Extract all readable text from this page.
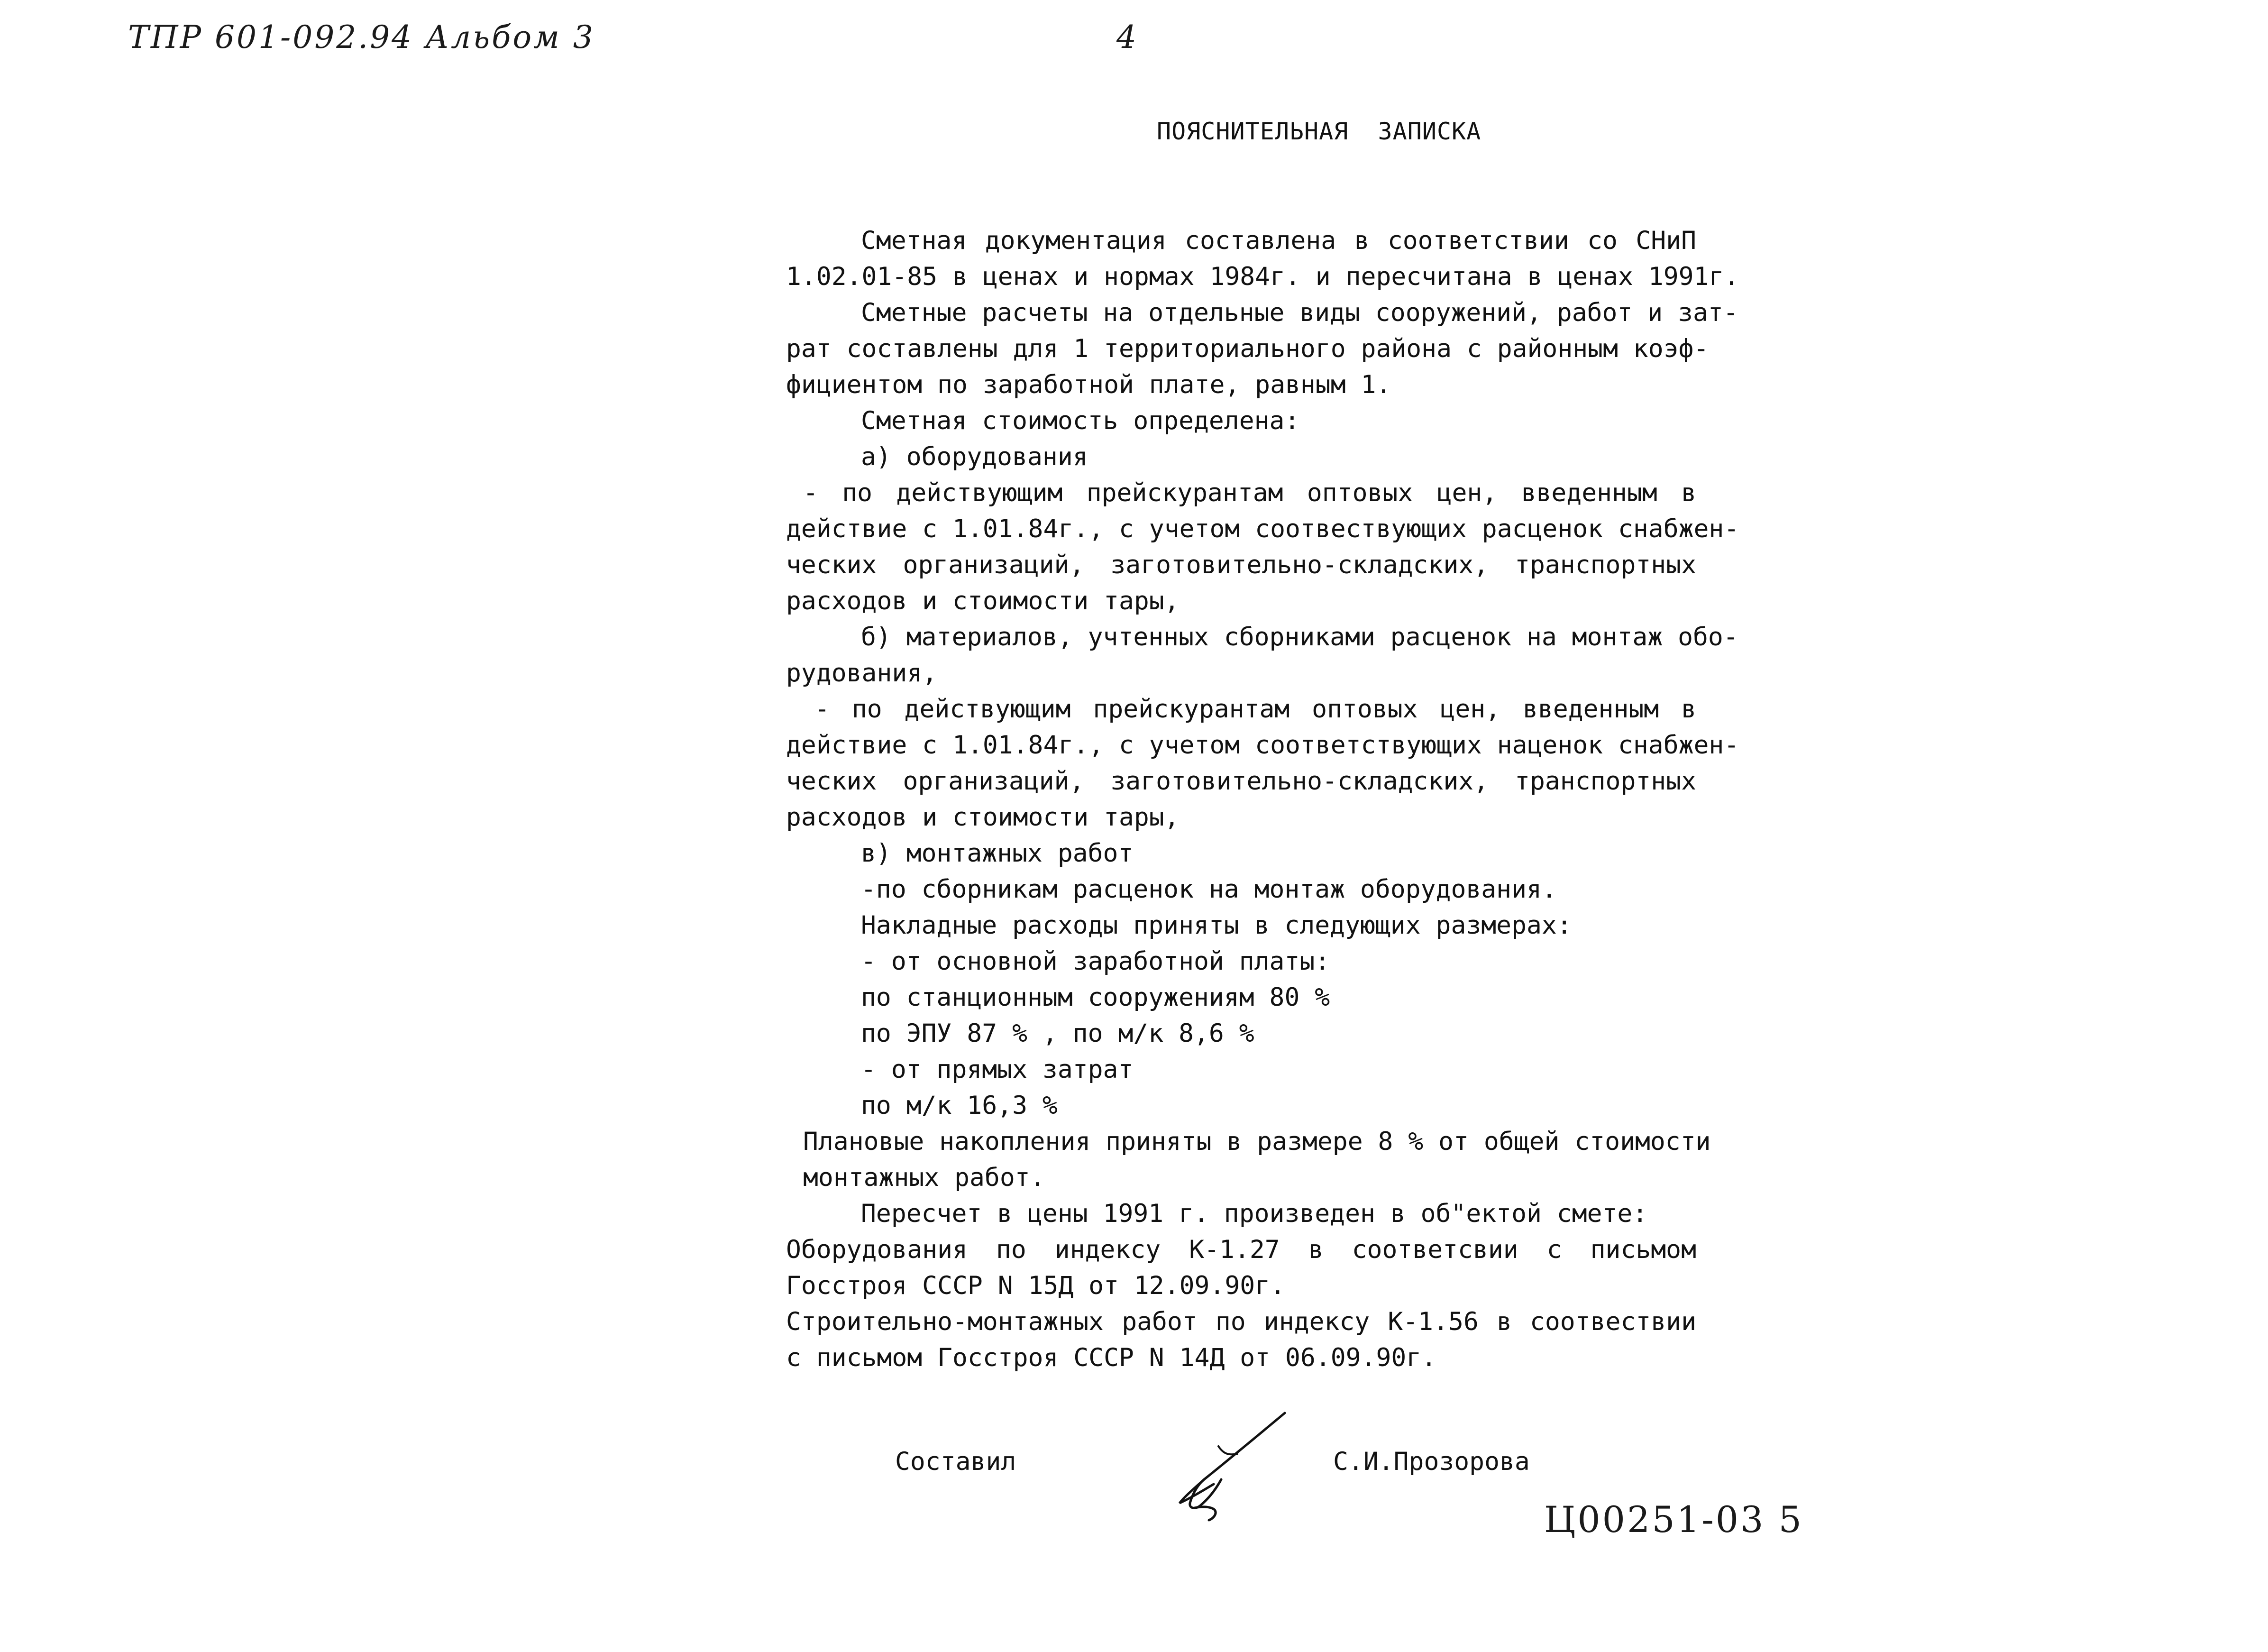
ТПР 601-092.94 Альбом 3	4
ПОЯСНИТЕЛЬНАЯ  ЗАПИСКА
Сметная документация составлена в соответствии со СНиП
1.02.01-85 в ценах и нормах 1984г. и пересчитана в ценах 1991г.
Сметные расчеты на отдельные виды сооружений, работ и зат-
рат составлены для 1 территориального района с районным коэф-
фициентом по заработной плате, равным 1.
Сметная стоимость определена:
а) оборудования
- по действующим прейскурантам оптовых цен, введенным в
действие с 1.01.84г., с учетом соотвествующих расценок снабжен-
ческих организаций, заготовительно-складских, транспортных
расходов и стоимости тары,
б) материалов, учтенных сборниками расценок на монтаж обо-
рудования,
- по действующим прейскурантам оптовых цен, введенным в
действие с 1.01.84г., с учетом соответствующих наценок снабжен-
ческих организаций, заготовительно-складских, транспортных
расходов и стоимости тары,
в) монтажных работ
-по сборникам расценок на монтаж оборудования.
Накладные расходы приняты в следующих размерах:
- от основной заработной платы:
по станционным сооружениям 80 %
по ЭПУ 87 % , по м/к 8,6 %
- от прямых затрат
по м/к 16,3 %
Плановые накопления приняты в размере 8 % от общей стоимости
монтажных работ.
Пересчет в цены 1991 г. произведен в об"ектой смете:
Оборудования по индексу К-1.27 в соответсвии с письмом
Госстроя СССР N 15Д от 12.09.90г.
Строительно-монтажных работ по индексу К-1.56 в соотвествии
с письмом Госстроя СССР N 14Д от 06.09.90г.
Составил	С.И.Прозорова
Ц00251-03 5
